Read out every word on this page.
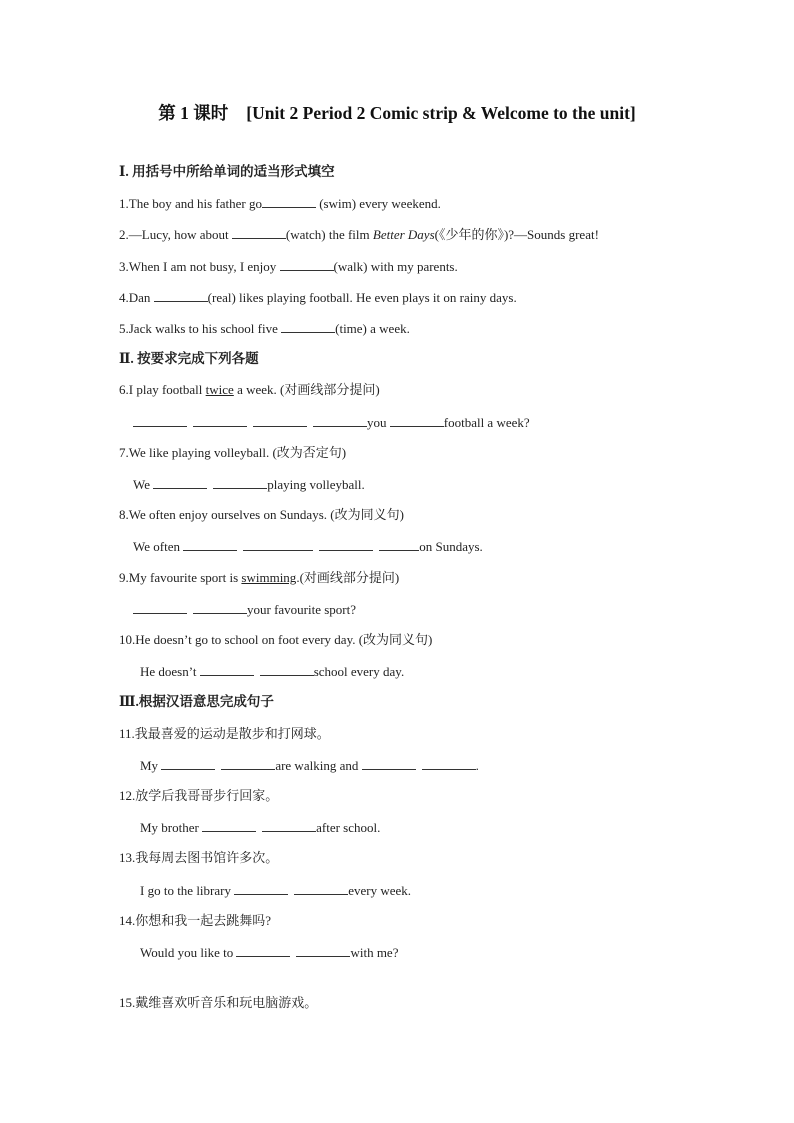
第 1 课时 [Unit 2 Period 2 Comic strip & Welcome to the unit]
Ⅰ. 用括号中所给单词的适当形式填空
1.The boy and his father go	(swim) every weekend.
2.—Lucy, how about	(watch) the film Better Days(《少年的你》)?—Sounds great!
3.When I am not busy, I enjoy	(walk) with my parents.
4.Dan	(real) likes playing football. He even plays it on rainy days.
5.Jack walks to his school five	(time) a week.
Ⅱ. 按要求完成下列各题
6.I play football twice a week. (对画线部分提问)
you	football a week?
7.We like playing volleyball. (改为否定句)
We	playing volleyball.
8.We often enjoy ourselves on Sundays. (改为同义句)
We often	on Sundays.
9.My favourite sport is swimming.(对画线部分提问)
your favourite sport?
10.He doesn’t go to school on foot every day. (改为同义句)
He doesn’t	school every day.
Ⅲ.根据汉语意思完成句子
11.我最喜爱的运动是散步和打网球。
My	are walking and	.
12.放学后我哥哥步行回家。
My brother	after school.
13.我每周去图书馆许多次。
I go to the library	every week.
14.你想和我一起去跳舞吗?
Would you like to	with me?
15.戴维喜欢听音乐和玩电脑游戏。
